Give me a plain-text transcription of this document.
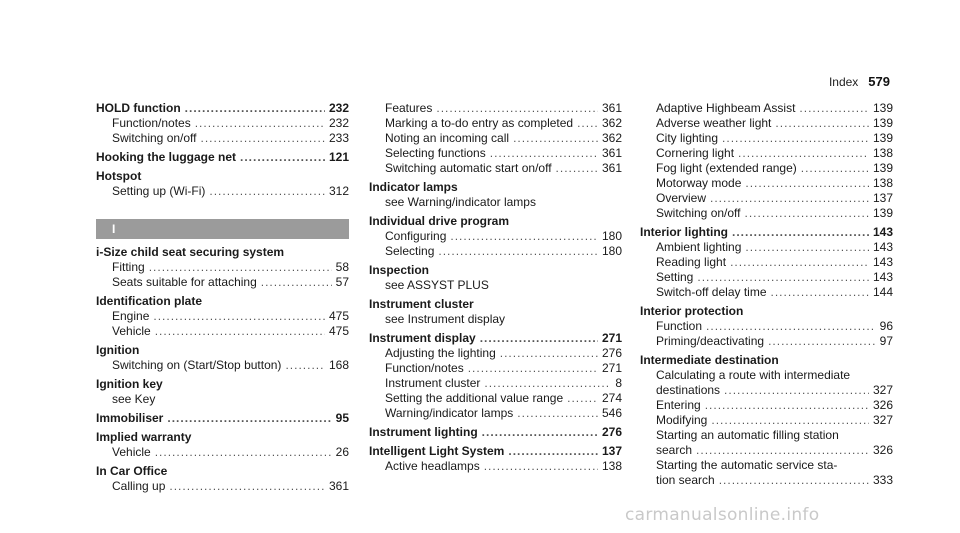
Index 579
HOLD function .....	232
Function/notes .....	232
Switching on/off .....	233
Hooking the luggage net .....	121
Hotspot
Setting up (Wi-Fi) .....	312
I
i-Size child seat securing system
Fitting .....	58
Seats suitable for attaching .....	57
Identification plate
Engine .....	475
Vehicle .....	475
Ignition
Switching on (Start/Stop button) .....	168
Ignition key
see Key
Immobiliser .....	95
Implied warranty
Vehicle .....	26
In Car Office
Calling up .....	361
Features .....	361
Marking a to-do entry as completed ..... 362
Noting an incoming call .....	362
Selecting functions .....	361
Switching automatic start on/off .....	361
Indicator lamps
see Warning/indicator lamps
Individual drive program
Configuring .....	180
Selecting .....	180
Inspection
see ASSYST PLUS
Instrument cluster
see Instrument display
Instrument display .....	271
Adjusting the lighting .....	276
Function/notes .....	271
Instrument cluster .....	8
Setting the additional value range .....	274
Warning/indicator lamps .....	546
Instrument lighting .....	276
Intelligent Light System .....	137
Active headlamps .....	138
Adaptive Highbeam Assist .....	139
Adverse weather light .....	139
City lighting .....	139
Cornering light .....	138
Fog light (extended range) .....	139
Motorway mode .....	138
Overview .....	137
Switching on/off .....	139
Interior lighting .....	143
Ambient lighting .....	143
Reading light .....	143
Setting .....	143
Switch-off delay time .....	144
Interior protection
Function .....	96
Priming/deactivating .....	97
Intermediate destination
Calculating a route with intermediate
destinations .....	327
Entering .....	326
Modifying .....	327
Starting an automatic filling station
search .....	326
Starting the automatic service sta-
tion search .....	333
carmanualsonline.info
